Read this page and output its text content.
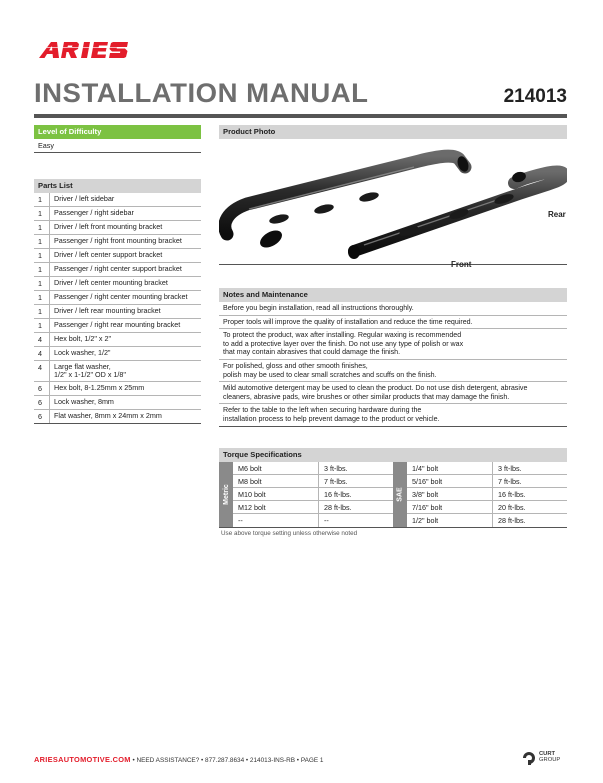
INSTALLATION MANUAL	214013
Level of Difficulty
Easy
Parts List
1	Driver / left sidebar
1	Passenger / right sidebar
1	Driver / left front mounting bracket
1	Passenger / right front mounting bracket
1	Driver / left center support bracket
1	Passenger / right center support bracket
1	Driver / left center mounting bracket
1	Passenger / right center mounting bracket
1	Driver / left rear mounting bracket
1	Passenger / right rear mounting bracket
4	Hex bolt, 1/2" x 2"
4	Lock washer, 1/2"
4	Large flat washer,
1/2" x 1-1/2" OD x 1/8"
6	Hex bolt, 8-1.25mm x 25mm
6	Lock washer, 8mm
6	Flat washer, 8mm x 24mm x 2mm
Product Photo
Rear
Front
Notes and Maintenance
Before you begin installation, read all instructions thoroughly.
Proper tools will improve the quality of installation and reduce the time required.
To protect the product, wax after installing. Regular waxing is recommended
to add a protective layer over the finish. Do not use any type of polish or wax
that may contain abrasives that could damage the finish.
For polished, gloss and other smooth finishes,
polish may be used to clear small scratches and scuffs on the finish.
Mild automotive detergent may be used to clean the product. Do not use dish detergent, abrasive
cleaners, abrasive pads, wire brushes or other similar products that may damage the finish.
Refer to the table to the left when securing hardware during the
installation process to help prevent damage to the product or vehicle.
Torque Specifications
Metric
M6 bolt	3 ft-lbs.
M8 bolt	7 ft-lbs.
M10 bolt	16 ft-lbs.
M12 bolt	28 ft-lbs.
--	--
SAE
1/4" bolt	3 ft-lbs.
5/16" bolt	7 ft-lbs.
3/8" bolt	16 ft-lbs.
7/16" bolt	20 ft-lbs.
1/2" bolt	28 ft-lbs.
Use above torque setting unless otherwise noted
ARIESAUTOMOTIVE.COM • NEED ASSISTANCE? • 877.287.8634 • 214013-INS-RB • PAGE 1
CURT
GROUP
